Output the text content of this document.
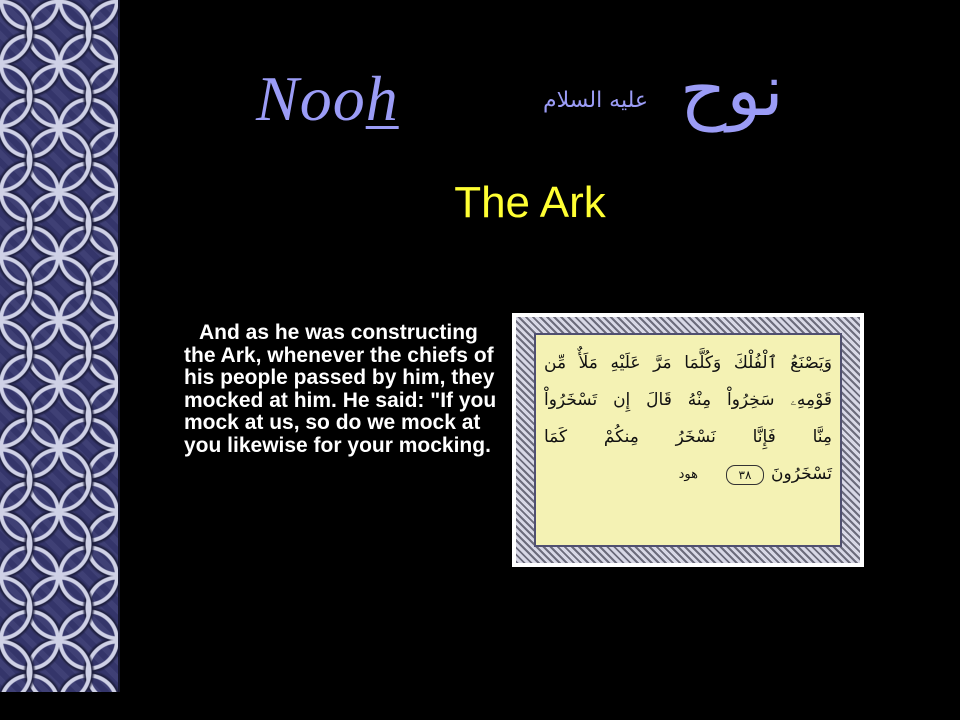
Nooh	عليه السلام نوح
The Ark

And as he was constructing the Ark, whenever the chiefs of his people passed by him, they mocked at him. He said: "If you mock at us, so do we mock at you likewise for your mocking.

وَيَصْنَعُ ٱلْفُلْكَ وَكُلَّمَا مَرَّ عَلَيْهِ مَلَأٌ مِّن
قَوْمِهِۦ سَخِرُواْ مِنْهُ قَالَ إِن تَسْخَرُواْ
مِنَّا فَإِنَّا نَسْخَرُ مِنكُمْ كَمَا
تَسْخَرُونَ
٣٨
هود
